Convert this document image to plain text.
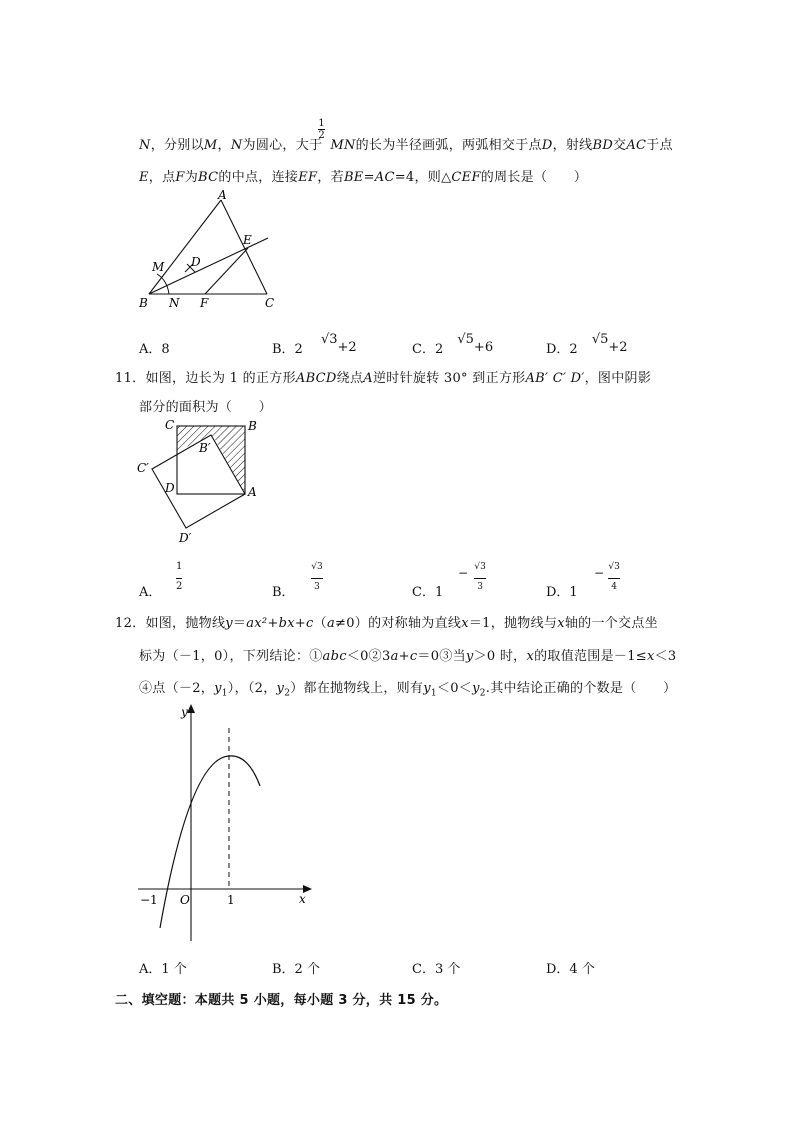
1
2
N，分别以M，N为圆心，大于 MN的长为半径画弧，两弧相交于点D，射线BD交AC于点
E，点F为BC的中点，连接EF，若BE=AC=4，则△CEF的周长是（　　）
A
E
M D
B N F	C
A．8	B．2 √3+2	C．2 √5+6	D．2 √5+2
11．如图，边长为 1 的正方形ABCD绕点A逆时针旋转 30° 到正方形AB′ C′ D′，图中阴影
部分的面积为（　　）
C	B
B′
C′
D	A
D′
A．
1

2	B．
√3

3	C．1
− √3

3	D．1
− √3

4
12．如图，抛物线y＝ax²+bx+c（a≠0）的对称轴为直线x＝1，抛物线与x轴的一个交点坐
标为（－1，0），下列结论：①abc＜0②3a+c＝0③当y＞0 时，x的取值范围是－1≤x＜3
④点（－2，$y_1$），（2，$y_2$）都在抛物线上，则有$y_1<0<y_2$.其中结论正确的个数是（　　）
y
x
O
−1	1
A．1 个	B．2 个	C．3 个	D．4 个
二、填空题：本题共 5 小题，每小题 3 分，共 15 分。
